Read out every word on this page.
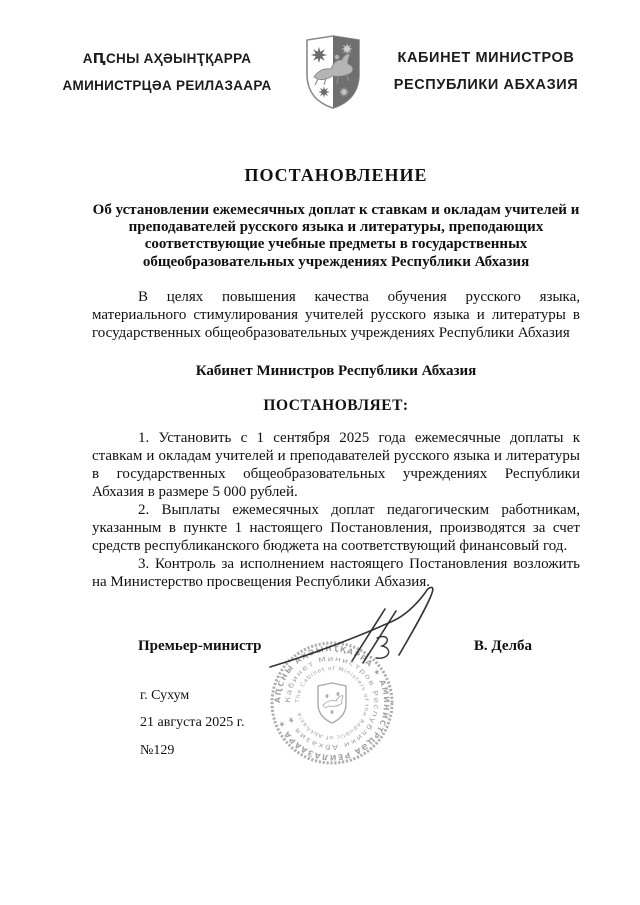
АԤСНЫ АҲӘЫНҬҚАРРА
АМИНИСТРЦӘА РЕИЛАЗААРА
КАБИНЕТ МИНИСТРОВ
РЕСПУБЛИКИ АБХАЗИЯ

ПОСТАНОВЛЕНИЕ

Об установлении ежемесячных доплат к ставкам и окладам учителей и преподавателей русского языка и литературы, преподающих соответствующие учебные предметы в государственных общеобразовательных учреждениях Республики Абхазия

В целях повышения качества обучения русского языка, материального стимулирования учителей русского языка и литературы в государственных общеобразовательных учреждениях Республики Абхазия

Кабинет Министров Республики Абхазия

ПОСТАНОВЛЯЕТ:

1. Установить с 1 сентября 2025 года ежемесячные доплаты к ставкам и окладам учителей и преподавателей русского языка и литературы в государственных общеобразовательных учреждениях Республики Абхазия в размере 5 000 рублей.

2. Выплаты ежемесячных доплат педагогическим работникам, указанным в пункте 1 настоящего Постановления, производятся за счет средств республиканского бюджета на соответствующий финансовый год.

3. Контроль за исполнением настоящего Постановления возложить на Министерство просвещения Республики Абхазия.

Премьер-министр	В. Делба
г. Сухум
21 августа 2025 г.
№129
АԤСНЫ АҲӘЫНҬҚАРРА ★ АМИНИСТРЦӘА РЕИЛАЗААРА ★
Кабинет Министров Республики Абхазия ★
The Cabinet of Ministers of the Republic of Abkhazia
